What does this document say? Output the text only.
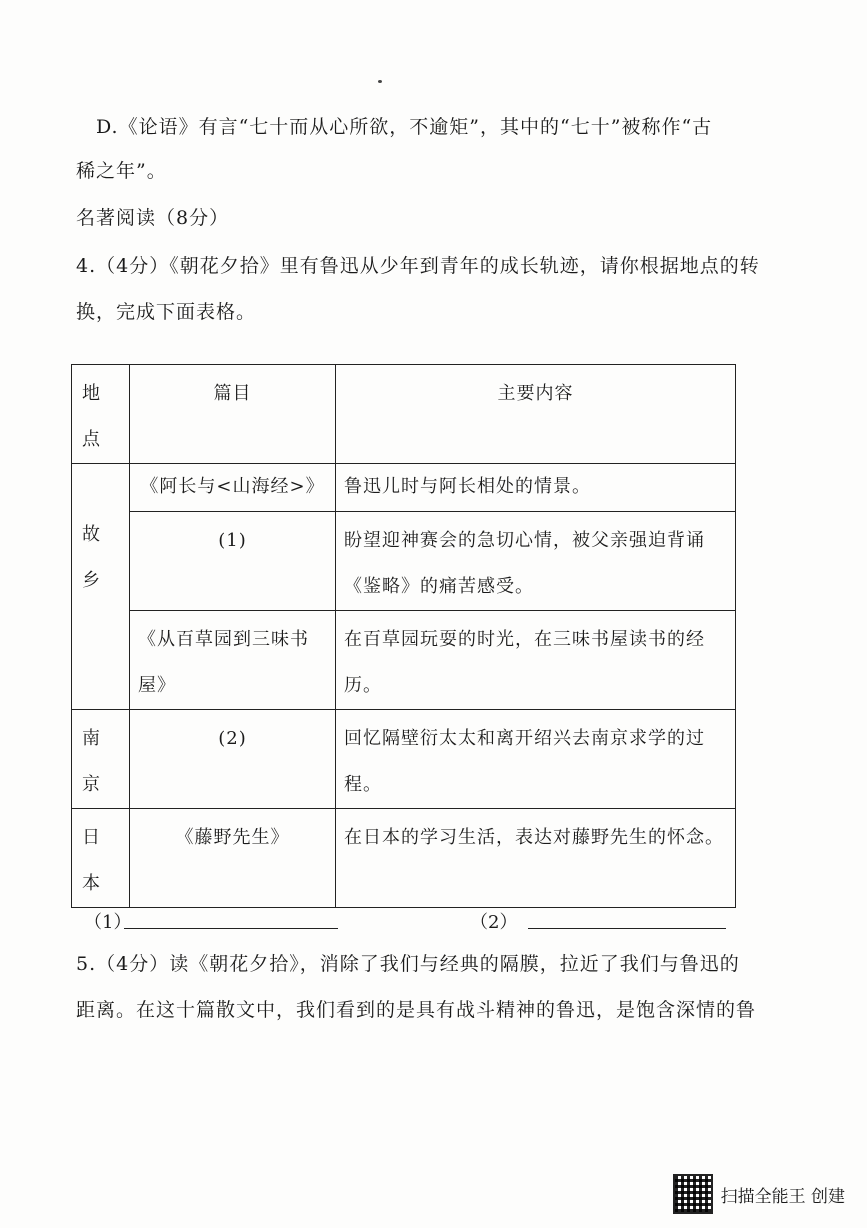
D.《论语》有言“七十而从心所欲，不逾矩”，其中的“七十”被称作“古
稀之年”。
名著阅读（8分）
4.（4分）《朝花夕拾》里有鲁迅从少年到青年的成长轨迹，请你根据地点的转
换，完成下面表格。
地点	篇目	主要内容

故乡	《阿长与<山海经>》	鲁迅儿时与阿长相处的情景。

	(1)	盼望迎神赛会的急切心情，被父亲强迫背诵《鉴略》的痛苦感受。

	《从百草园到三味书屋》	在百草园玩耍的时光，在三味书屋读书的经历。

南京	(2)	回忆隔壁衍太太和离开绍兴去南京求学的过程。

日本	《藤野先生》	在日本的学习生活，表达对藤野先生的怀念。
（1）	（2）
5.（4分）读《朝花夕拾》，消除了我们与经典的隔膜，拉近了我们与鲁迅的
距离。在这十篇散文中，我们看到的是具有战斗精神的鲁迅，是饱含深情的鲁
扫描全能王 创建
